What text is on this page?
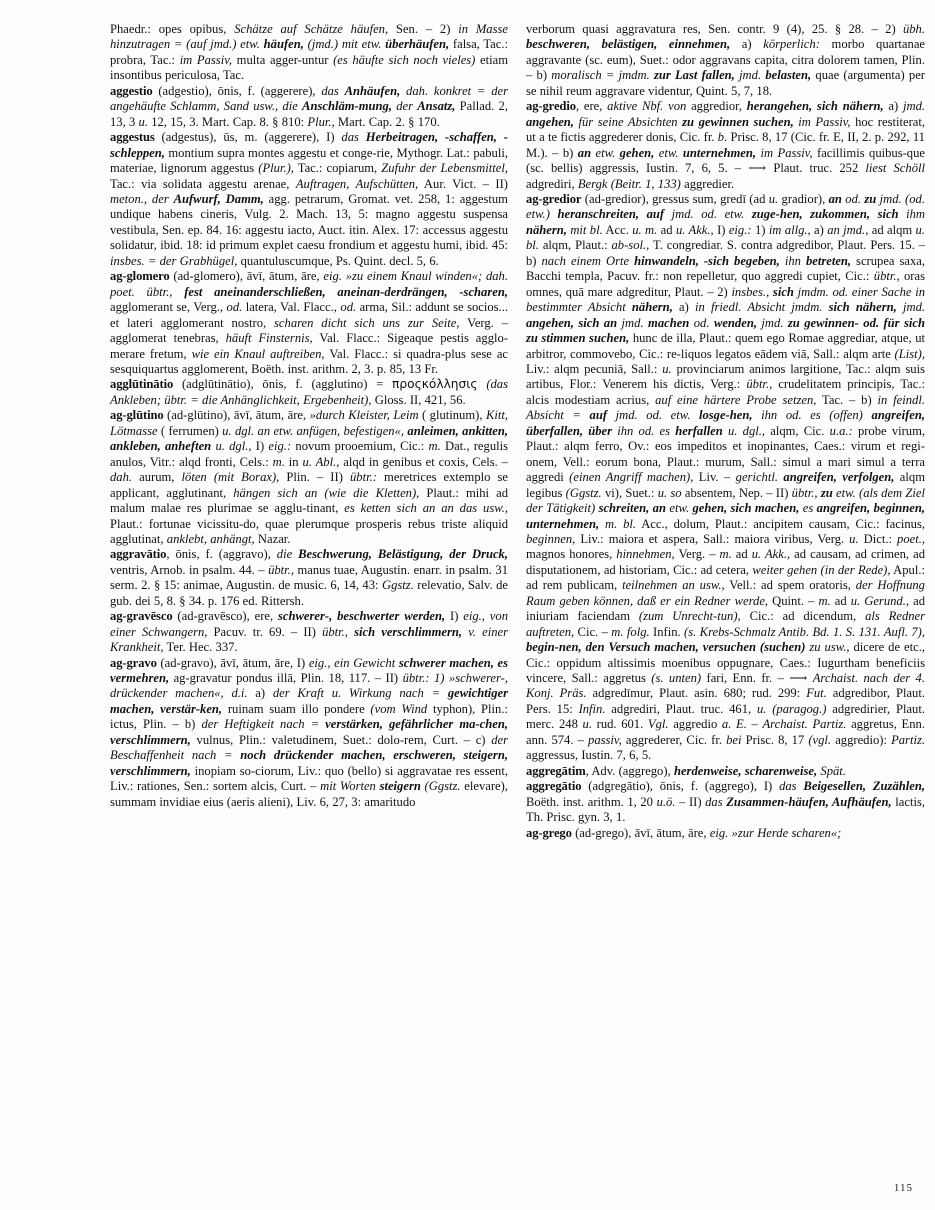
Phaedr.: opes opibus, Schätze auf Schätze häufen, Sen. – 2) in Masse hinzutragen = (auf jmd.) etw. häufen, (jmd.) mit etw. überhäufen, falsa, Tac.: probra, Tac.: im Passiv, multa agger-untur (es häufte sich noch vieles) etiam insontibus periculosa, Tac.

aggestio (adgestio), ōnis, f. (aggerere), das Anhäufen, dah. konkret = der angehäufte Schlamm, Sand usw., die Anschläm-mung, der Ansatz, Pallad. 2, 13, 3 u. 12, 15, 3. Mart. Cap. 8. § 810: Plur., Mart. Cap. 2. § 170.

aggestus (adgestus), ūs, m. (aggerere), I) das Herbeitragen, -schaffen, -schleppen, montium supra montes aggestu et conge-rie, Mythogr. Lat.: pabuli, materiae, lignorum aggestus (Plur.), Tac.: copiarum, Zufuhr der Lebensmittel, Tac.: via solidata aggestu arenae, Auftragen, Aufschütten, Aur. Vict. – II) meton., der Aufwurf, Damm, agg. petrarum, Gromat. vet. 258, 1: aggestum undique habens cineris, Vulg. 2. Mach. 13, 5: magno aggestu suspensa vestibula, Sen. ep. 84. 16: aggestu iacto, Auct. itin. Alex. 17: accessus aggestu solidatur, ibid. 18: id primum explet caesu frondium et aggestu humi, ibid. 45: insbes. = der Grabhügel, quantuluscumque, Ps. Quint. decl. 5, 6.

ag-glomero (ad-glomero), āvī, ātum, āre, eig. »zu einem Knaul winden«; dah. poet. übtr., fest aneinanderschließen, aneinan-derdrängen, -scharen, agglomerant se, Verg., od. latera, Val. Flacc., od. arma, Sil.: addunt se socios... et lateri agglomerant nostro, scharen dicht sich uns zur Seite, Verg. – agglomerat tenebras, häuft Finsternis, Val. Flacc.: Sigeaque pestis agglo-merare fretum, wie ein Knaul auftreiben, Val. Flacc.: si quadra-plus sese ac sesquiquartus agglomerent, Boëth. inst. arithm. 2, 3. p. 85, 13 Fr.

agglūtinātio (adglūtinātio), ōnis, f. (agglutino) = προςκόλλησις (das Ankleben; übtr. = die Anhänglichkeit, Ergebenheit), Gloss. II, 421, 56.

ag-glūtino (ad-glūtino), āvī, ātum, āre, »durch Kleister, Leim ( glutinum), Kitt, Lötmasse ( ferrumen) u. dgl. an etw. anfügen, befestigen«, anleimen, ankitten, ankleben, anheften u. dgl., I) eig.: novum prooemium, Cic.: m. Dat., regulis anulos, Vitr.: alqd fronti, Cels.: m. in u. Abl., alqd in genibus et coxis, Cels. – dah. aurum, löten (mit Borax), Plin. – II) übtr.: meretrices extemplo se applicant, agglutinant, hängen sich an (wie die Kletten), Plaut.: mihi ad malum malae res plurimae se agglu-tinant, es ketten sich an an das usw., Plaut.: fortunae vicissitu-do, quae plerumque prosperis rebus triste aliquid agglutinat, anklebt, anhängt, Nazar.

aggravātio, ōnis, f. (aggravo), die Beschwerung, Belästigung, der Druck, ventris, Arnob. in psalm. 44. – übtr., manus tuae, Augustin. enarr. in psalm. 31 serm. 2. § 15: animae, Augustin. de music. 6, 14, 43: Ggstz. relevatio, Salv. de gub. dei 5, 8. § 34. p. 176 ed. Rittersh.

ag-gravēsco (ad-gravēsco), ere, schwerer-, beschwerter werden, I) eig., von einer Schwangern, Pacuv. tr. 69. – II) übtr., sich verschlimmern, v. einer Krankheit, Ter. Hec. 337.

ag-gravo (ad-gravo), āvī, ātum, āre, I) eig., ein Gewicht schwerer machen, es vermehren, ag-gravatur pondus illā, Plin. 18, 117. – II) übtr.: 1) »schwerer-, drückender machen«, d.i. a) der Kraft u. Wirkung nach = gewichtiger machen, verstär-ken, ruinam suam illo pondere (vom Wind typhon), Plin.: ictus, Plin. – b) der Heftigkeit nach = verstärken, gefährlicher ma-chen, verschlimmern, vulnus, Plin.: valetudinem, Suet.: dolo-rem, Curt. – c) der Beschaffenheit nach = noch drückender machen, erschweren, steigern, verschlimmern, inopiam so-ciorum, Liv.: quo (bello) si aggravatae res essent, Liv.: rationes, Sen.: sortem alcis, Curt. – mit Worten steigern (Ggstz. elevare), summam invidiae eius (aeris alieni), Liv. 6, 27, 3: amaritudo

verborum quasi aggravatura res, Sen. contr. 9 (4), 25. § 28. – 2) übh. beschweren, belästigen, einnehmen, a) körperlich: morbo quartanae aggravante (sc. eum), Suet.: odor aggravans capita, citra dolorem tamen, Plin. – b) moralisch = jmdm. zur Last fallen, jmd. belasten, quae (argumenta) per se nihil reum aggravare videntur, Quint. 5, 7, 18.

ag-gredio, ere, aktive Nbf. von aggredior, herangehen, sich nähern, a) jmd. angehen, für seine Absichten zu gewinnen suchen, im Passiv, hoc restiterat, ut a te fictis aggrederer donis, Cic. fr. b. Prisc. 8, 17 (Cic. fr. E, II, 2. p. 292, 11 M.). – b) an etw. gehen, etw. unternehmen, im Passiv, facillimis quibus-que (sc. bellis) aggressis, Iustin. 7, 6, 5. – ⟶ Plaut. truc. 252 liest Schöll adgrediri, Bergk (Beitr. 1, 133) aggredier.

ag-gredior (ad-gredior), gressus sum, gredī (ad u. gradior), an od. zu jmd. (od. etw.) heranschreiten, auf jmd. od. etw. zuge-hen, zukommen, sich ihm nähern, mit bl. Acc. u. m. ad u. Akk., I) eig.: 1) im allg., a) an jmd., ad alqm u. bl. alqm, Plaut.: ab-sol., T. congrediar. S. contra adgredibor, Plaut. Pers. 15. – b) nach einem Orte hinwandeln, -sich begeben, ihn betreten, scrupea saxa, Bacchi templa, Pacuv. fr.: non repelletur, quo aggredi cupiet, Cic.: übtr., oras omnes, quā mare adgreditur, Plaut. – 2) insbes., sich jmdm. od. einer Sache in bestimmter Absicht nähern, a) in friedl. Absicht jmdm. sich nähern, jmd. angehen, sich an jmd. machen od. wenden, jmd. zu gewinnen- od. für sich zu stimmen suchen, hunc de illa, Plaut.: quem ego Romae aggrediar, atque, ut arbitror, commovebo, Cic.: re-liquos legatos eādem viā, Sall.: alqm arte (List), Liv.: alqm pecuniā, Sall.: u. provinciarum animos largitione, Tac.: alqm suis artibus, Flor.: Venerem his dictis, Verg.: übtr., crudelitatem principis, Tac.: alcis modestiam acrius, auf eine härtere Probe setzen, Tac. – b) in feindl. Absicht = auf jmd. od. etw. losge-hen, ihn od. es (offen) angreifen, überfallen, über ihn od. es herfallen u. dgl., alqm, Cic. u.a.: probe virum, Plaut.: alqm ferro, Ov.: eos impeditos et inopinantes, Caes.: virum et regi-onem, Vell.: eorum bona, Plaut.: murum, Sall.: simul a mari simul a terra aggredi (einen Angriff machen), Liv. – gerichtl. angreifen, verfolgen, alqm legibus (Ggstz. vi), Suet.: u. so absentem, Nep. – II) übtr., zu etw. (als dem Ziel der Tätigkeit) schreiten, an etw. gehen, sich machen, es angreifen, beginnen, unternehmen, m. bl. Acc., dolum, Plaut.: ancipitem causam, Cic.: facinus, beginnen, Liv.: maiora et aspera, Sall.: maiora viribus, Verg. u. Dict.: poet., magnos honores, hinnehmen, Verg. – m. ad u. Akk., ad causam, ad crimen, ad disputationem, ad historiam, Cic.: ad cetera, weiter gehen (in der Rede), Apul.: ad rem publicam, teilnehmen an usw., Vell.: ad spem oratoris, der Hoffnung Raum geben können, daß er ein Redner werde, Quint. – m. ad u. Gerund., ad iniuriam faciendam (zum Unrecht-tun), Cic.: ad dicendum, als Redner auftreten, Cic. – m. folg. Infin. (s. Krebs-Schmalz Antib. Bd. 1. S. 131. Aufl. 7), begin-nen, den Versuch machen, versuchen (suchen) zu usw., dicere de etc., Cic.: oppidum altissimis moenibus oppugnare, Caes.: Iugurtham beneficiis vincere, Sall.: aggretus (s. unten) fari, Enn. fr. – ⟶ Archaist. nach der 4. Konj. Präs. adgredīmur, Plaut. asin. 680; rud. 299: Fut. adgredibor, Plaut. Pers. 15: Infin. adgrediri, Plaut. truc. 461, u. (paragog.) adgredirier, Plaut. merc. 248 u. rud. 601. Vgl. aggredio a. E. – Archaist. Partiz. aggretus, Enn. ann. 574. – passiv, aggrederer, Cic. fr. bei Prisc. 8, 17 (vgl. aggredio): Partiz. aggressus, Iustin. 7, 6, 5.

aggregātim, Adv. (aggrego), herdenweise, scharenweise, Spät.

aggregātio (adgregātio), ōnis, f. (aggrego), I) das Beigesellen, Zuzählen, Boëth. inst. arithm. 1, 20 u.ö. – II) das Zusammen-häufen, Aufhäufen, lactis, Th. Prisc. gyn. 3, 1.

ag-grego (ad-grego), āvī, ātum, āre, eig. »zur Herde scharen«;

115
